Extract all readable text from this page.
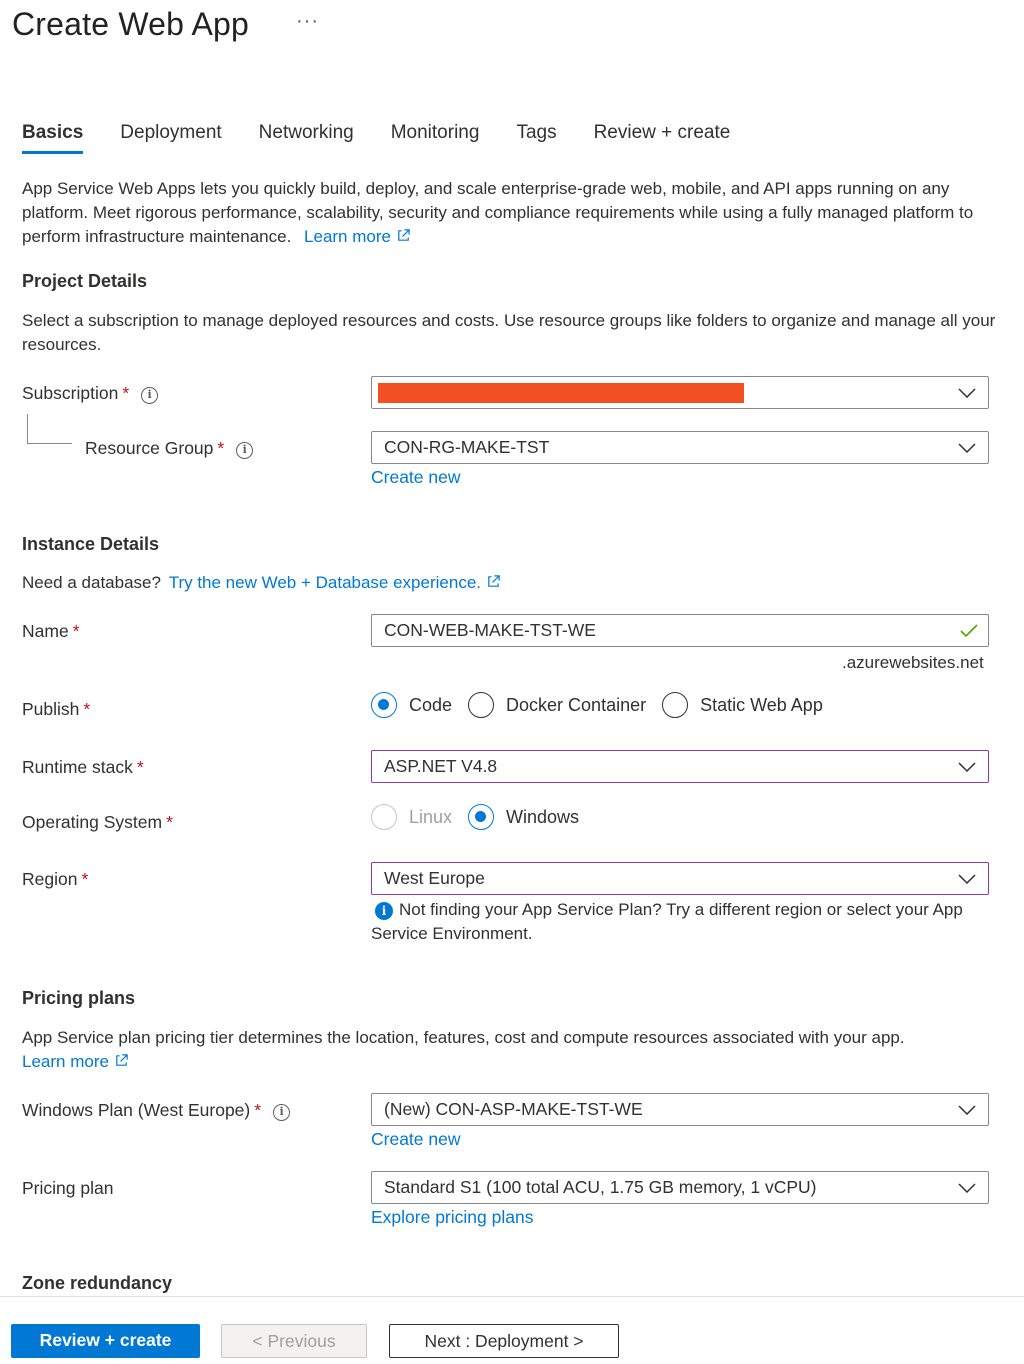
Create Web App ···
Basics Deployment Networking Monitoring Tags Review + create
App Service Web Apps lets you quickly build, deploy, and scale enterprise-grade web, mobile, and API apps running on any platform. Meet rigorous performance, scalability, security and compliance requirements while using a fully managed platform to perform infrastructure maintenance. Learn more
Project Details
Select a subscription to manage deployed resources and costs. Use resource groups like folders to organize and manage all your resources.
Subscription * i
Resource Group * i	CON-RG-MAKE-TST
Create new
Instance Details
Need a database? Try the new Web + Database experience.
Name *	CON-WEB-MAKE-TST-WE
.azurewebsites.net
Publish *	Code	Docker Container	Static Web App
Runtime stack *	ASP.NET V4.8
Operating System *	Linux	Windows
Region *	West Europe
i Not finding your App Service Plan? Try a different region or select your App Service Environment.
Pricing plans
App Service plan pricing tier determines the location, features, cost and compute resources associated with your app.
Learn more
Windows Plan (West Europe) * i	(New) CON-ASP-MAKE-TST-WE
Create new
Pricing plan	Standard S1 (100 total ACU, 1.75 GB memory, 1 vCPU)
Explore pricing plans
Zone redundancy
Review + create	< Previous	Next : Deployment >
